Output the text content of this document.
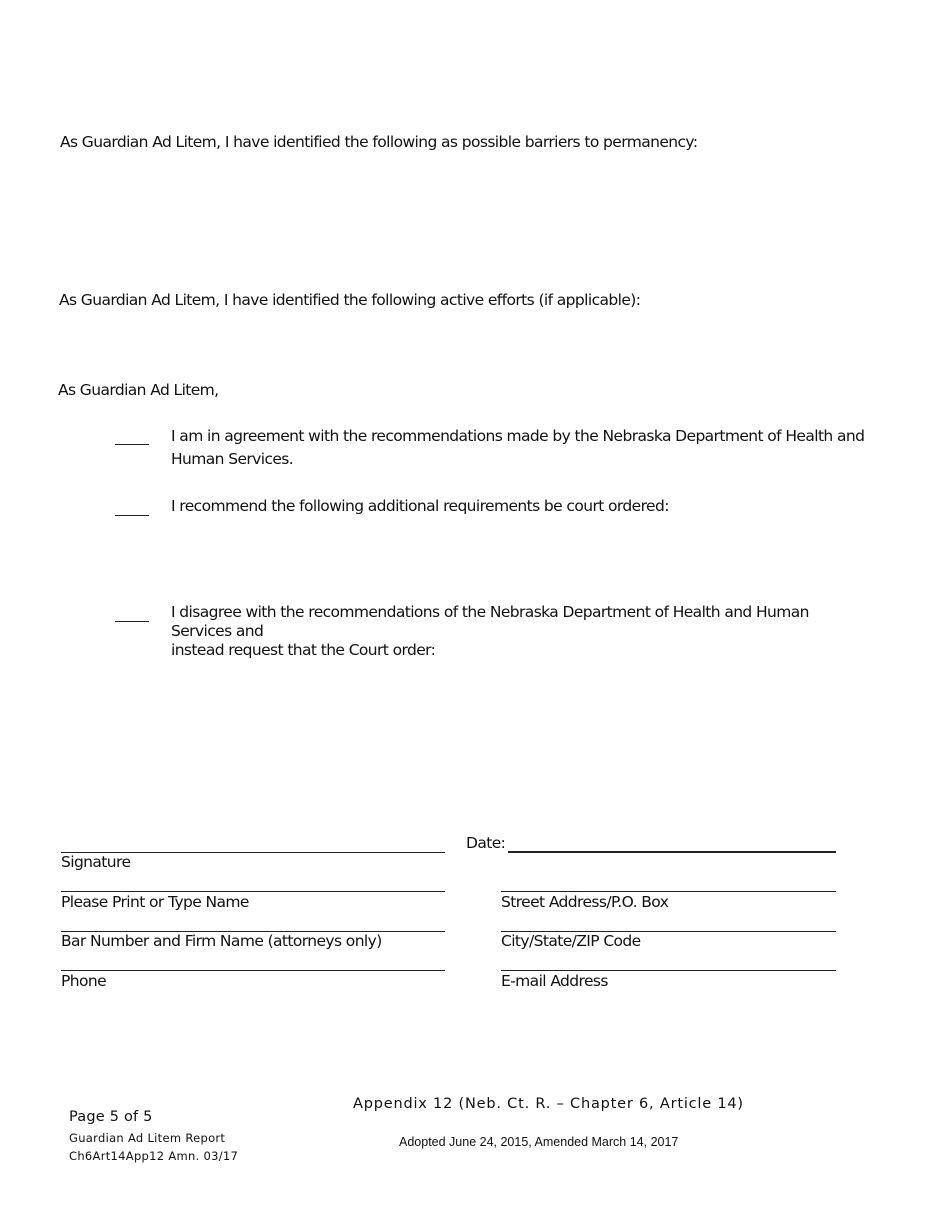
As Guardian Ad Litem, I have identified the following as possible barriers to permanency:
As Guardian Ad Litem, I have identified the following active efforts (if applicable):
As Guardian Ad Litem,
I am in agreement with the recommendations made by the Nebraska Department of Health and
Human Services.
I recommend the following additional requirements be court ordered:
I disagree with the recommendations of the Nebraska Department of Health and Human Services and
instead request that the Court order:
Signature
Date:
Please Print or Type Name	Street Address/P.O. Box
Bar Number and Firm Name (attorneys only)	City/State/ZIP Code
Phone	E-mail Address
Page 5 of 5
Guardian Ad Litem Report
Ch6Art14App12 Amn. 03/17
Appendix 12 (Neb. Ct. R. – Chapter 6, Article 14)
Adopted June 24, 2015, Amended March 14, 2017
